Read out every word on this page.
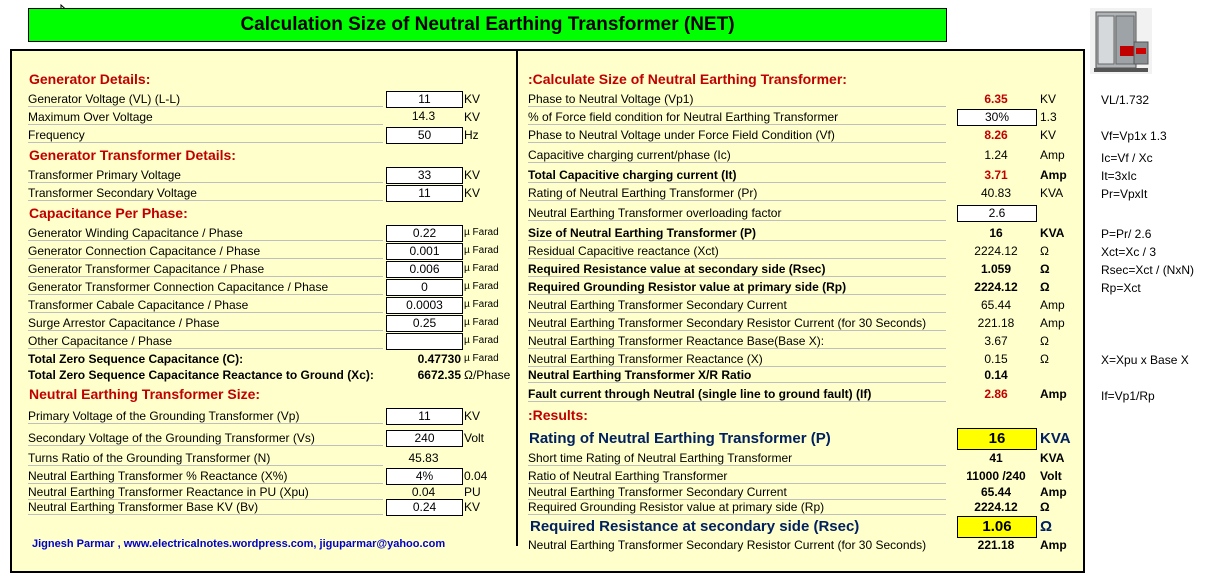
Calculation Size of Neutral Earthing Transformer (NET)
Generator Details:
Generator Voltage (VL) (L-L)	11	KV
Maximum Over Voltage	14.3	KV
Frequency	50	Hz
Generator Transformer Details:
Transformer Primary Voltage	33	KV
Transformer Secondary Voltage	11	KV
Capacitance Per Phase:
Generator Winding Capacitance / Phase	0.22	µ Farad
Generator Connection Capacitance / Phase	0.001	µ Farad
Generator Transformer Capacitance / Phase	0.006	µ Farad
Generator Transformer Connection Capacitance / Phase	0	µ Farad
Transformer Cabale Capacitance / Phase	0.0003	µ Farad
Surge Arrestor Capacitance / Phase	0.25	µ Farad
Other Capacitance / Phase	µ Farad
Total Zero Sequence Capacitance (C):	0.47730 µ Farad
Total Zero Sequence Capacitance Reactance to Ground (Xc):	6672.35 Ω/Phase
Neutral Earthing Transformer Size:
Primary Voltage of the Grounding Transformer (Vp)	11	KV
Secondary Voltage of the Grounding Transformer (Vs)	240	Volt
Turns Ratio of the Grounding Transformer (N)	45.83
Neutral Earthing Transformer % Reactance (X%)	4%	0.04
Neutral Earthing Transformer Reactance in PU (Xpu)	0.04	PU
Neutral Earthing Transformer Base KV (Bv)	0.24	KV
Jignesh Parmar , www.electricalnotes.wordpress.com, jiguparmar@yahoo.com
:Calculate Size of Neutral Earthing Transformer:
Phase to Neutral Voltage (Vp1)	6.35	KV
% of Force field condition for Neutral Earthing Transformer	30%	1.3
Phase to Neutral Voltage under Force Field Condition (Vf)	8.26	KV
Capacitive charging current/phase (Ic)	1.24	Amp
Total Capacitive charging current (It)	3.71	Amp
Rating of Neutral Earthing Transformer (Pr)	40.83	KVA
Neutral Earthing Transformer overloading factor	2.6
Size of Neutral Earthing Transformer (P)	16	KVA
Residual Capacitive reactance (Xct)	2224.12	Ω
Required Resistance value at secondary side (Rsec)	1.059	Ω
Required Grounding Resistor value at primary side (Rp)	2224.12	Ω
Neutral Earthing Transformer Secondary Current	65.44	Amp
Neutral Earthing Transformer Secondary Resistor Current (for 30 Seconds)	221.18	Amp
Neutral Earthing Transformer Reactance Base(Base X):	3.67	Ω
Neutral Earthing Transformer Reactance (X)	0.15	Ω
Neutral Earthing Transformer X/R Ratio	0.14
Fault current through Neutral (single line to ground fault) (If)	2.86	Amp
:Results:
Rating of Neutral Earthing Transformer (P)	16	KVA
Short time Rating of Neutral Earthing Transformer	41	KVA
Ratio of Neutral Earthing Transformer	11000 /240	Volt
Neutral Earthing Transformer Secondary Current	65.44	Amp
Required Grounding Resistor value at primary side (Rp)	2224.12	Ω
Required Resistance at secondary side (Rsec)	1.06	Ω
Neutral Earthing Transformer Secondary Resistor Current (for 30 Seconds)	221.18	Amp
VL/1.732
Vf=Vp1x 1.3
Ic=Vf / Xc
It=3xIc
Pr=VpxIt
P=Pr/ 2.6
Xct=Xc / 3
Rsec=Xct / (NxN)
Rp=Xct
X=Xpu x Base X
If=Vp1/Rp
